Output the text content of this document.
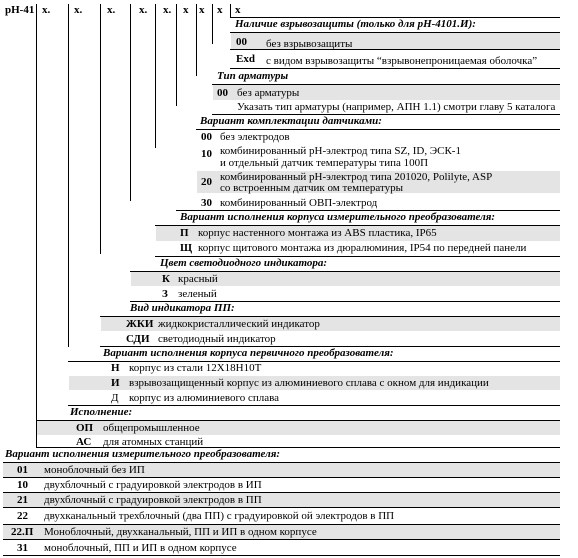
рН-41 x. x. x. x. x. x x x x
Наличие взрывозащиты (только для рН-4101.И):
00 без взрывозащиты
Exd с видом взрывозащиты “взрывонепроницаемая оболочка”
Тип арматуры
00 без арматуры
Указать тип арматуры (например, АПН 1.1) смотри главу 5 каталога
Вариант комплектации датчиками:
00 без электродов
10 комбинированный pH-электрод типа SZ, ID, ЭСК-1
и отдельный датчик температуры типа 100П
20 комбинированный pH-электрод типа 201020, Polilyte, ASP
со встроенным датчик ом температуры
30 комбинированный ОВП-электрод
Вариант исполнения корпуса измерительного преобразователя:
П корпус настенного монтажа из ABS пластика, IP65
Щ корпус щитового монтажа из дюралюминия, IP54 по передней панели
Цвет светодиодного индикатора:
К красный
З зеленый
Вид индикатора ПП:
ЖКИ жидкокристаллический индикатор
СДИ светодиодный индикатор
Вариант исполнения корпуса первичного преобразователя:
Н корпус из стали 12Х18Н10Т
И взрывозащищенный корпус из алюминиевого сплава с окном для индикации
Д корпус из алюминиевого сплава
Исполнение:
ОП общепромышленное
АС для атомных станций
Вариант исполнения измерительного преобразователя:
01 моноблочный без ИП
10 двухблочный с градуировкой электродов в ИП
21 двухблочный с градуировкой электродов в ПП
22 двухканальный трехблочный (два ПП) с градуировкой ой электродов в ПП
22.П Моноблочный, двухканальный, ПП и ИП в одном корпусе
31 моноблочный, ПП и ИП в одном корпусе
